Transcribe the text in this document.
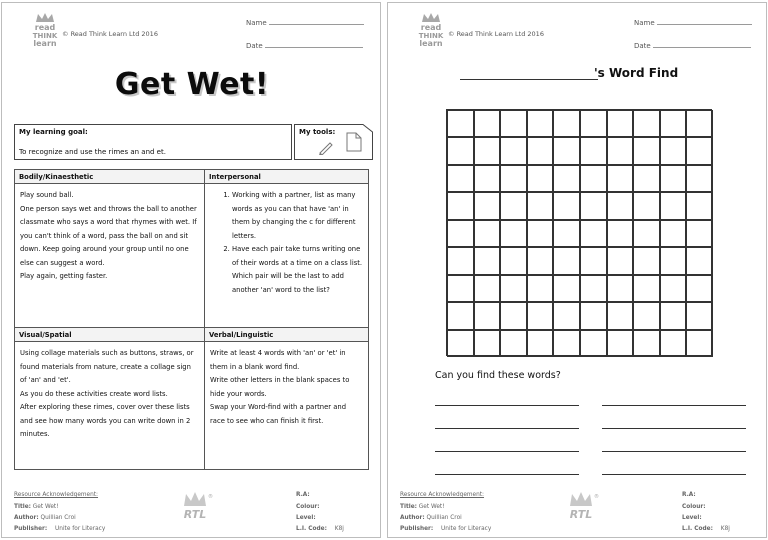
read
THINK
learn
© Read Think Learn Ltd 2016
Name
Date
Get Wet!
My learning goal:
To recognize and use the rimes an and et.
My tools:
Bodily/Kinaesthetic

Play sound ball.

One person says wet and throws the ball to another classmate who says a word that rhymes with wet. If you can't think of a word, pass the ball on and sit down. Keep going around your group until no one else can suggest a word.

Play again, getting faster.

Interpersonal
1. Working with a partner, list as many words as you can that have 'an' in them by changing the c for different letters.
2. Have each pair take turns writing one of their words at a time on a class list. Which pair will be the last to add another 'an' word to the list?
Visual/Spatial

Using collage materials such as buttons, straws, or found materials from nature, create a collage sign of 'an' and 'et'.

As you do these activities create word lists.

After exploring these rimes, cover over these lists and see how many words you can write down in 2 minutes.

Verbal/Linguistic

Write at least 4 words with 'an' or 'et' in them in a blank word find.

Write other letters in the blank spaces to hide your words.

Swap your Word-find with a partner and race to see who can finish it first.

Resource Acknowledgement:
Title: Get Wet!
Author: Quillian Croi
Publisher: Unite for Literacy
RTL
®	R.A:
Colour:
Level:
L.I. Code: K8j
read
THINK
learn
© Read Think Learn Ltd 2016
Name
Date
's Word Find
Can you find these words?
Resource Acknowledgement:
Title: Get Wet!
Author: Quillian Croi
Publisher: Unite for Literacy
RTL
®	R.A:
Colour:
Level:
L.I. Code: K8j
